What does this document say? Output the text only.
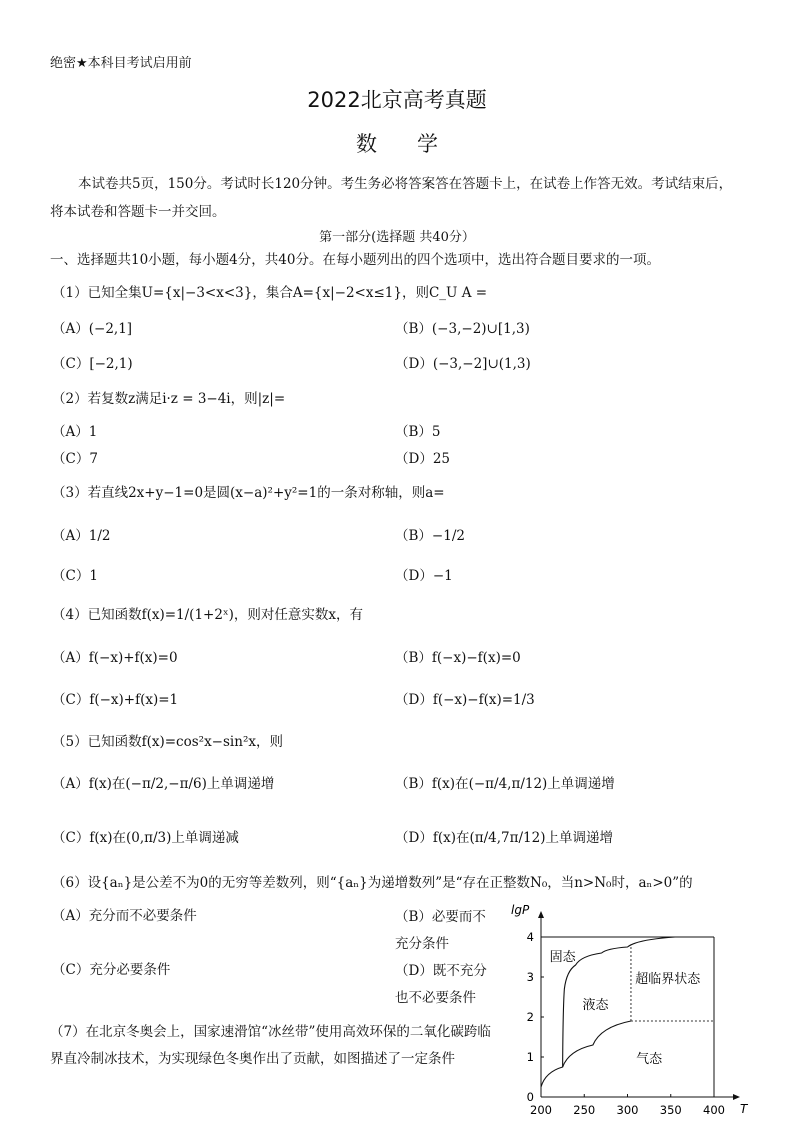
绝密★本科目考试启用前
2022北京高考真题
数学
本试卷共5页，150分。考试时长120分钟。考生务必将答案答在答题卡上，在试卷上作答无效。考试结束后，将本试卷和答题卡一并交回。
第一部分(选择题 共40分）
一、选择题共10小题，每小题4分，共40分。在每小题列出的四个选项中，选出符合题目要求的一项。
（1）已知全集U={x|−3<x<3}，集合A={x|−2<x≤1}，则C_U A =
（A）(−2,1]	（B）(−3,−2)∪[1,3)
（C）[−2,1)	（D）(−3,−2]∪(1,3)
（2）若复数z满足i·z = 3−4i，则|z|=
（A）1	（B）5
（C）7	（D）25
（3）若直线2x+y−1=0是圆(x−a)²+y²=1的一条对称轴，则a=
（A）1/2	（B）−1/2
（C）1	（D）−1
（4）已知函数f(x)=1/(1+2ˣ)，则对任意实数x，有
（A）f(−x)+f(x)=0	（B）f(−x)−f(x)=0
（C）f(−x)+f(x)=1	（D）f(−x)−f(x)=1/3
（5）已知函数f(x)=cos²x−sin²x，则
（A）f(x)在(−π/2,−π/6)上单调递增	（B）f(x)在(−π/4,π/12)上单调递增
（C）f(x)在(0,π/3)上单调递减	（D）f(x)在(π/4,7π/12)上单调递增
（6）设{aₙ}是公差不为0的无穷等差数列，则“{aₙ}为递增数列”是“存在正整数N₀，当n>N₀时，aₙ>0”的
（A）充分而不必要条件	（B）必要而不充分条件
（C）充分必要条件	（D）既不充分也不必要条件
（7）在北京冬奥会上，国家速滑馆“冰丝带”使用高效环保的二氧化碳跨临界直冷制冰技术，为实现绿色冬奥作出了贡献，如图描述了一定条件
lgP
T
200 250 300 350 400
0
1
2
3
4
固态
液态
超临界状态
气态
